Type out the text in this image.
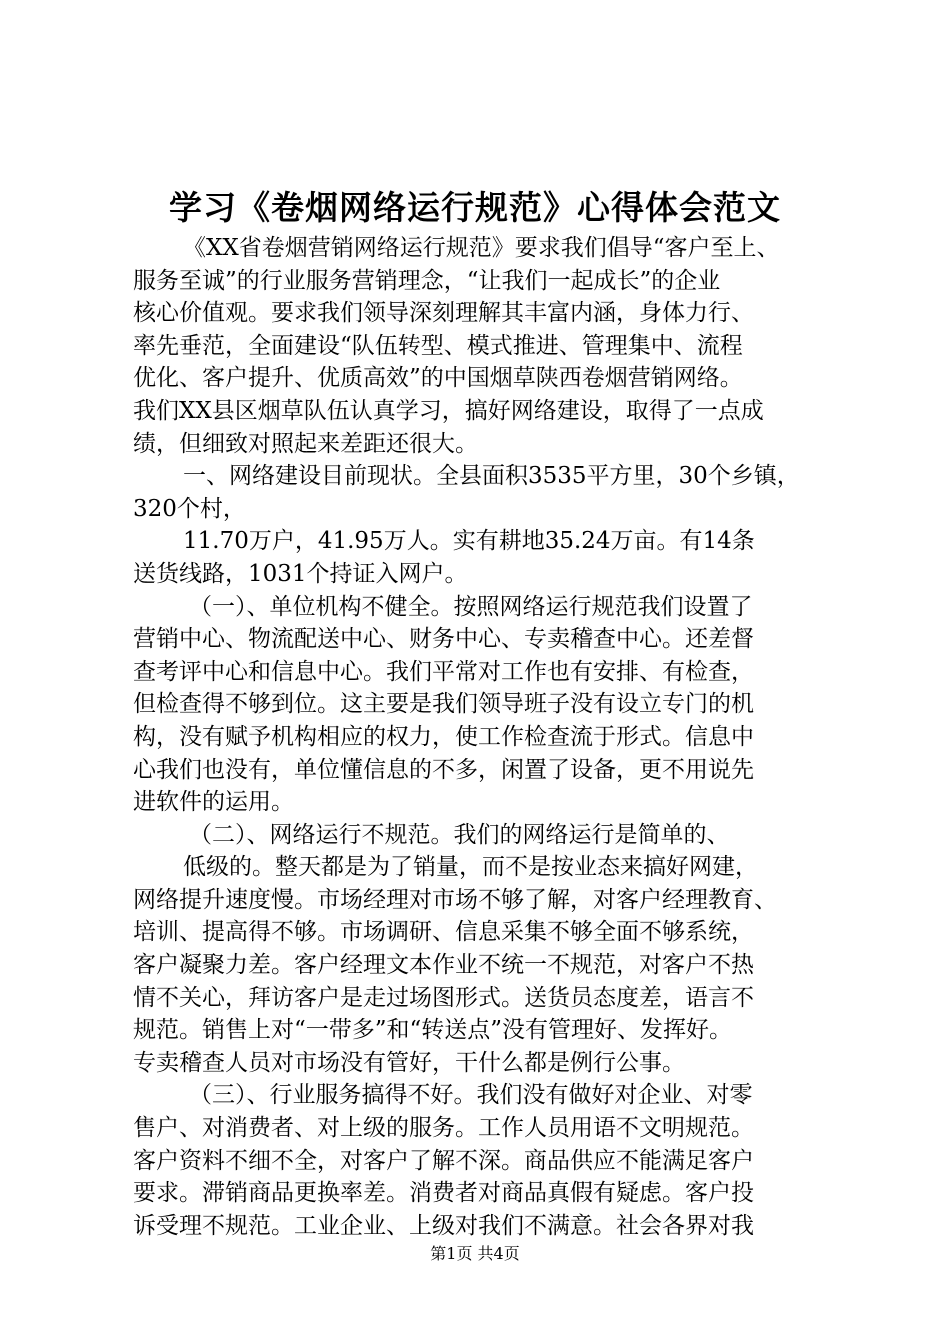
学习《卷烟网络运行规范》心得体会范文
《XX省卷烟营销网络运行规范》要求我们倡导“客户至上、
服务至诚”的行业服务营销理念，“让我们一起成长”的企业
核心价值观。要求我们领导深刻理解其丰富内涵，身体力行、
率先垂范，全面建设“队伍转型、模式推进、管理集中、流程
优化、客户提升、优质高效”的中国烟草陕西卷烟营销网络。
我们XX县区烟草队伍认真学习，搞好网络建设，取得了一点成
绩，但细致对照起来差距还很大。
一、网络建设目前现状。全县面积3535平方里，30个乡镇，
320个村，
11.70万户，41.95万人。实有耕地35.24万亩。有14条
送货线路，1031个持证入网户。
（一）、单位机构不健全。按照网络运行规范我们设置了
营销中心、物流配送中心、财务中心、专卖稽查中心。还差督
查考评中心和信息中心。我们平常对工作也有安排、有检查，
但检查得不够到位。这主要是我们领导班子没有设立专门的机
构，没有赋予机构相应的权力，使工作检查流于形式。信息中
心我们也没有，单位懂信息的不多，闲置了设备，更不用说先
进软件的运用。
（二）、网络运行不规范。我们的网络运行是简单的、
低级的。整天都是为了销量，而不是按业态来搞好网建，
网络提升速度慢。市场经理对市场不够了解，对客户经理教育、
培训、提高得不够。市场调研、信息采集不够全面不够系统，
客户凝聚力差。客户经理文本作业不统一不规范，对客户不热
情不关心，拜访客户是走过场图形式。送货员态度差，语言不
规范。销售上对“一带多”和“转送点”没有管理好、发挥好。
专卖稽查人员对市场没有管好，干什么都是例行公事。
（三）、行业服务搞得不好。我们没有做好对企业、对零
售户、对消费者、对上级的服务。工作人员用语不文明规范。
客户资料不细不全，对客户了解不深。商品供应不能满足客户
要求。滞销商品更换率差。消费者对商品真假有疑虑。客户投
诉受理不规范。工业企业、上级对我们不满意。社会各界对我
第1页 共4页
